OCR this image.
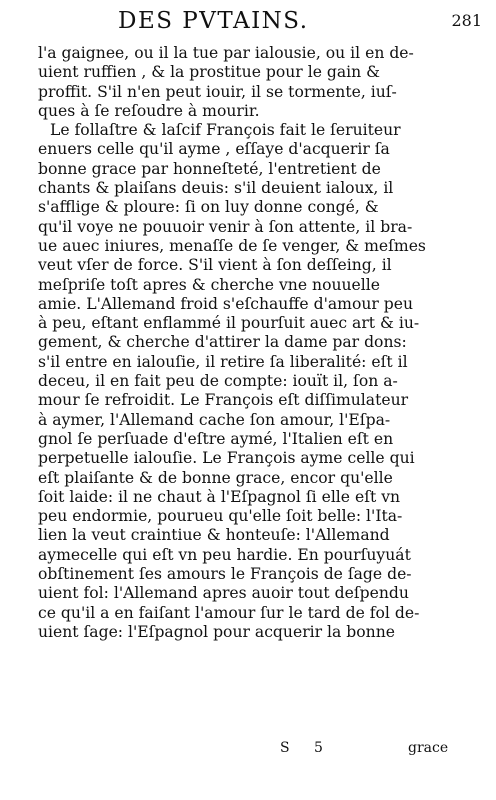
DES PVTAINS.	281
l'a gaignee, ou il la tue par ialousie, ou il en de-
uient ruffien , & la prostitue pour le gain &
proffit. S'il n'en peut iouir, il se tormente, iuſ-
ques à ſe reſoudre à mourir.
Le follaſtre & laſcif François fait le ſeruiteur
enuers celle qu'il ayme , eſſaye d'acquerir ſa
bonne grace par honneſteté, l'entretient de
chants & plaiſans deuis: s'il deuient ialoux, il
s'afflige & ploure: ſi on luy donne congé, &
qu'il voye ne pouuoir venir à ſon attente, il bra-
ue auec iniures, menaſſe de ſe venger, & meſmes
veut vſer de force. S'il vient à ſon deſſeing, il
meſpriſe toſt apres & cherche vne nouuelle
amie. L'Allemand froid s'eſchauffe d'amour peu
à peu, eſtant enflammé il pourſuit auec art & iu-
gement, & cherche d'attirer la dame par dons:
s'il entre en ialouſie, il retire ſa liberalité: eſt il
deceu, il en fait peu de compte: iouït il, ſon a-
mour ſe refroidit. Le François eſt diſſimulateur
à aymer, l'Allemand cache ſon amour, l'Eſpa-
gnol ſe perſuade d'eſtre aymé, l'Italien eſt en
perpetuelle ialouſie. Le François ayme celle qui
eſt plaiſante & de bonne grace, encor qu'elle
ſoit laide: il ne chaut à l'Eſpagnol ſi elle eſt vn
peu endormie, pourueu qu'elle ſoit belle: l'Ita-
lien la veut craintiue & honteuſe: l'Allemand
aymecelle qui eſt vn peu hardie. En pourſuyuát
obſtinement ſes amours le François de ſage de-
uient fol: l'Allemand apres auoir tout deſpendu
ce qu'il a en faiſant l'amour ſur le tard de fol de-
uient ſage: l'Eſpagnol pour acquerir la bonne
S 5	grace
